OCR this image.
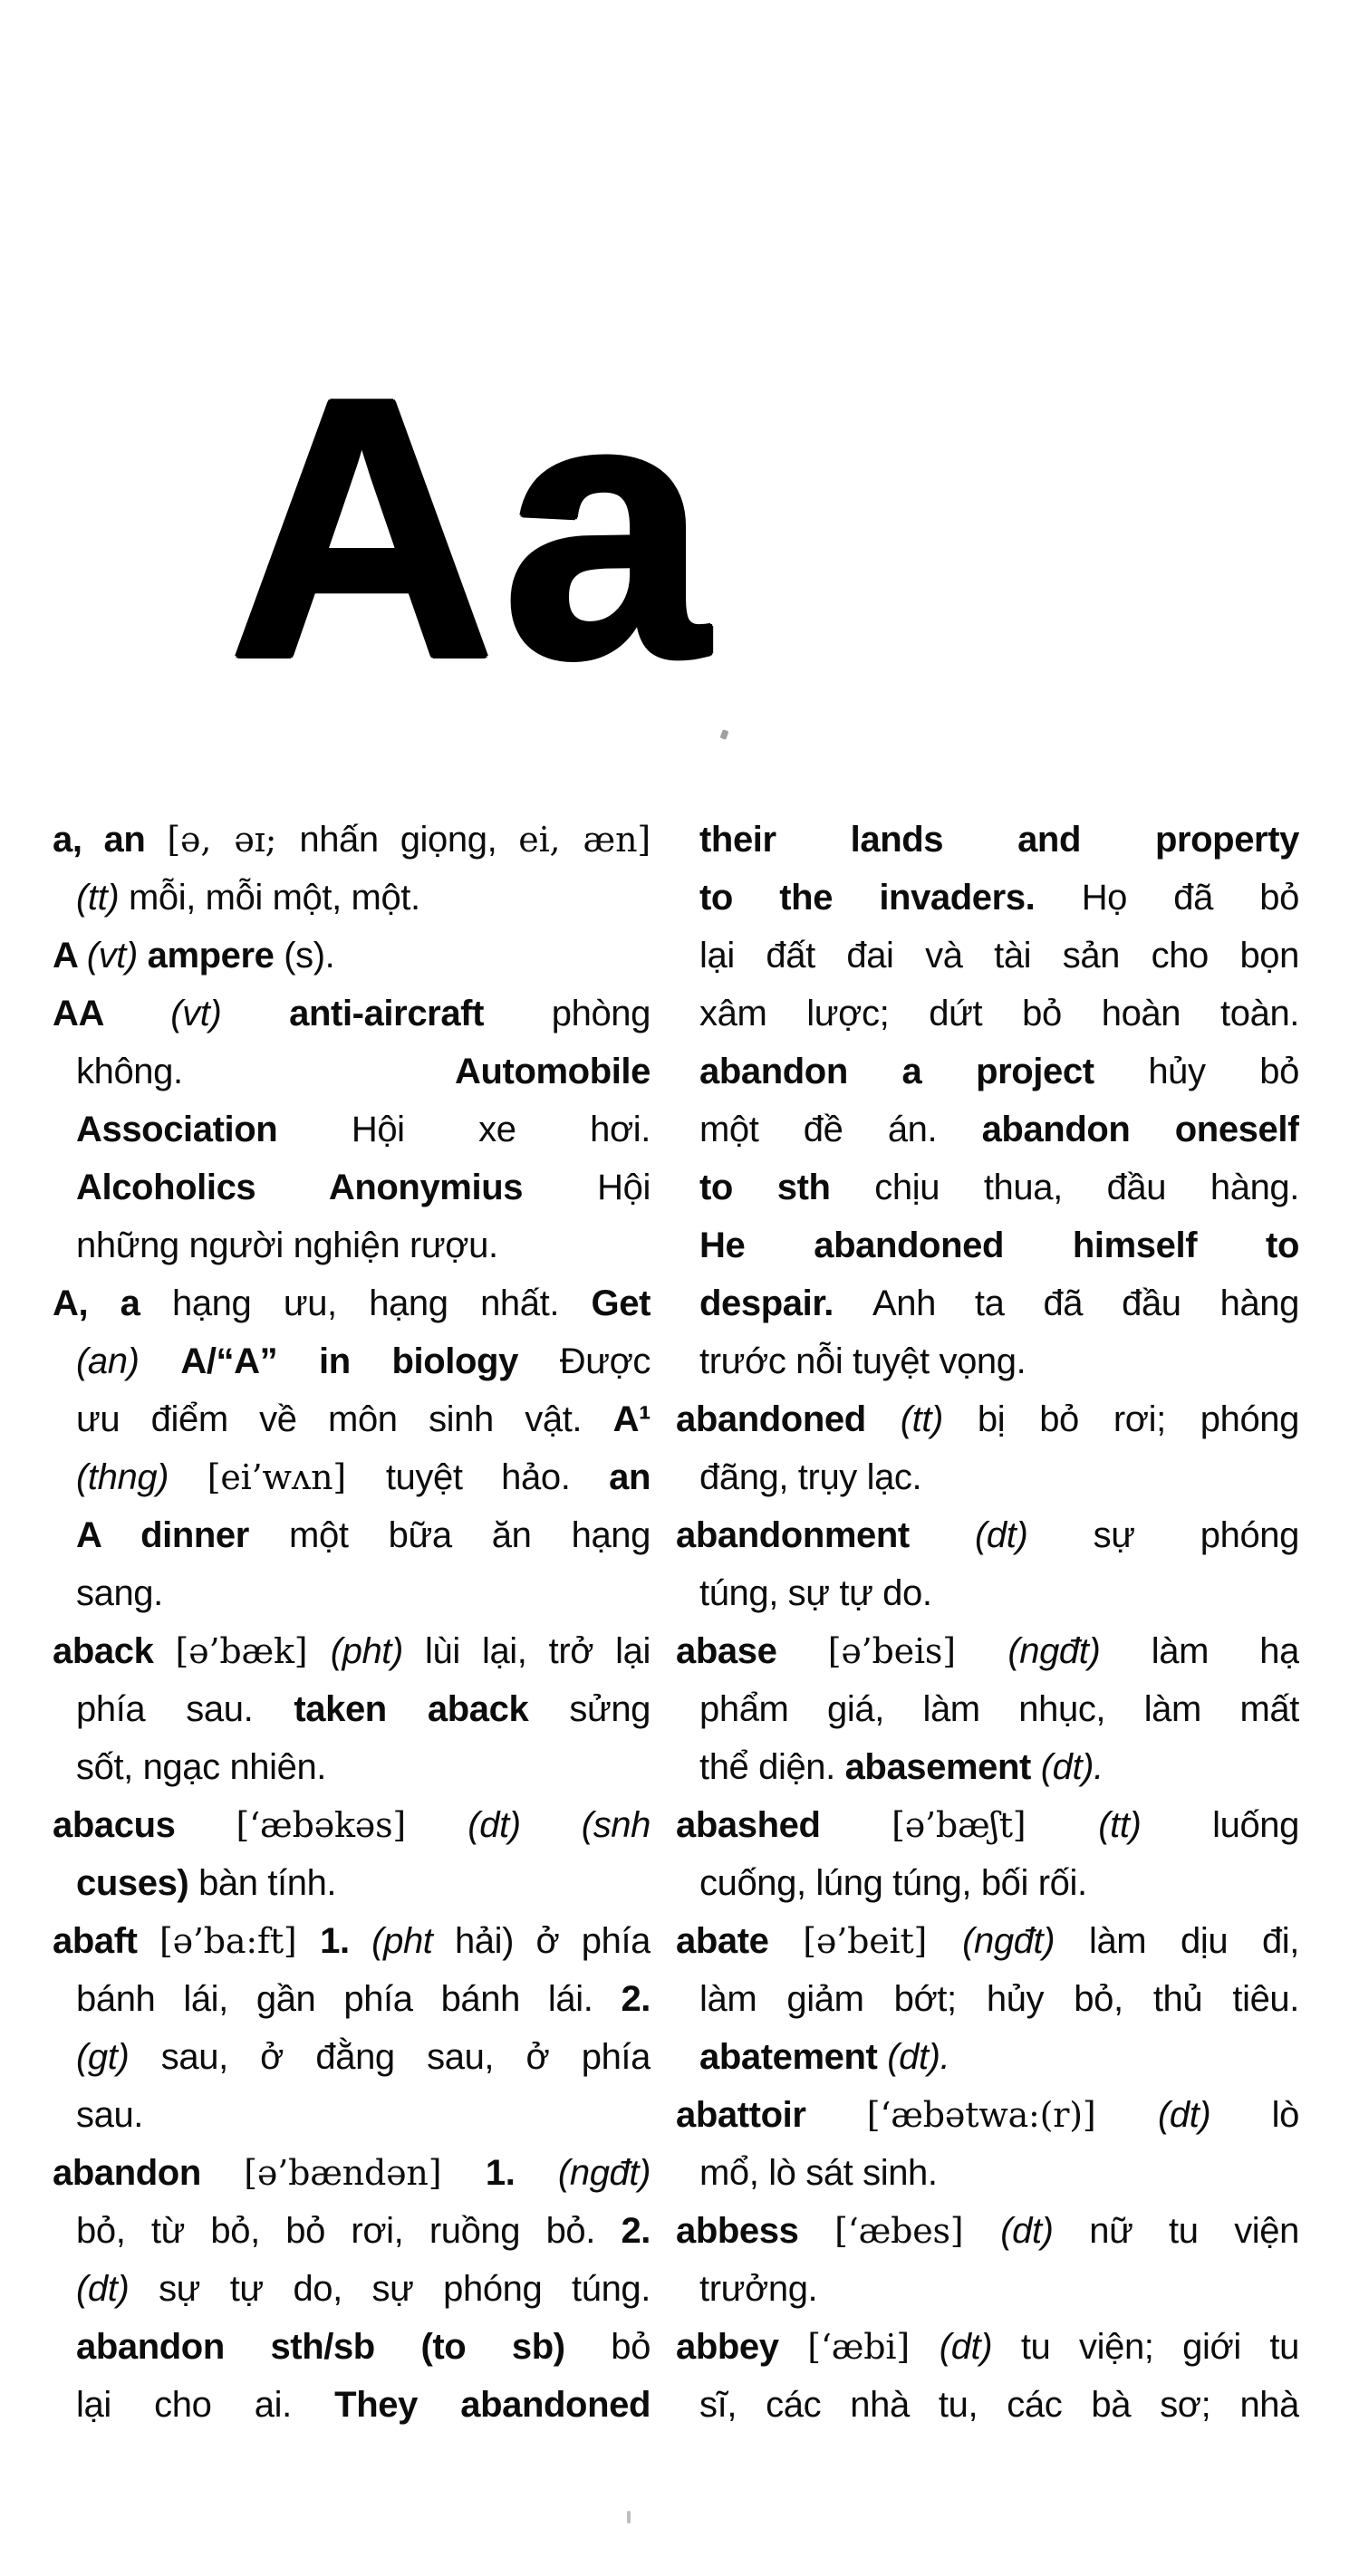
Aa
a, an [ə, əɪ; nhấn giọng, ei, æn]
(tt) mỗi, mỗi một, một.
A (vt) ampere (s).
AA (vt) anti-aircraft phòng
không. Automobile
Association Hội xe hơi.
Alcoholics Anonymius Hội
những người nghiện rượu.
A, a hạng ưu, hạng nhất. Get
(an) A/“A” in biology Được
ưu điểm về môn sinh vật. A¹
(thng) [ei’wʌn] tuyệt hảo. an
A dinner một bữa ăn hạng
sang.
aback [ə’bæk] (pht) lùi lại, trở lại
phía sau. taken aback sửng
sốt, ngạc nhiên.
abacus [‘æbəkəs] (dt) (snh
cuses) bàn tính.
abaft [ə’ba:ft] 1. (pht hải) ở phía
bánh lái, gần phía bánh lái. 2.
(gt) sau, ở đằng sau, ở phía
sau.
abandon [ə’bændən] 1. (ngđt)
bỏ, từ bỏ, bỏ rơi, ruồng bỏ. 2.
(dt) sự tự do, sự phóng túng.
abandon sth/sb (to sb) bỏ
lại cho ai. They abandoned
their lands and property
to the invaders. Họ đã bỏ
lại đất đai và tài sản cho bọn
xâm lược; dứt bỏ hoàn toàn.
abandon a project hủy bỏ
một đề án. abandon oneself
to sth chịu thua, đầu hàng.
He abandoned himself to
despair. Anh ta đã đầu hàng
trước nỗi tuyệt vọng.
abandoned (tt) bị bỏ rơi; phóng
đãng, trụy lạc.
abandonment (dt) sự phóng
túng, sự tự do.
abase [ə’beis] (ngđt) làm hạ
phẩm giá, làm nhục, làm mất
thể diện. abasement (dt).
abashed [ə’bæʃt] (tt) luống
cuống, lúng túng, bối rối.
abate [ə’beit] (ngđt) làm dịu đi,
làm giảm bớt; hủy bỏ, thủ tiêu.
abatement (dt).
abattoir [‘æbətwa:(r)] (dt) lò
mổ, lò sát sinh.
abbess [‘æbes] (dt) nữ tu viện
trưởng.
abbey [‘æbi] (dt) tu viện; giới tu
sĩ, các nhà tu, các bà sơ; nhà
